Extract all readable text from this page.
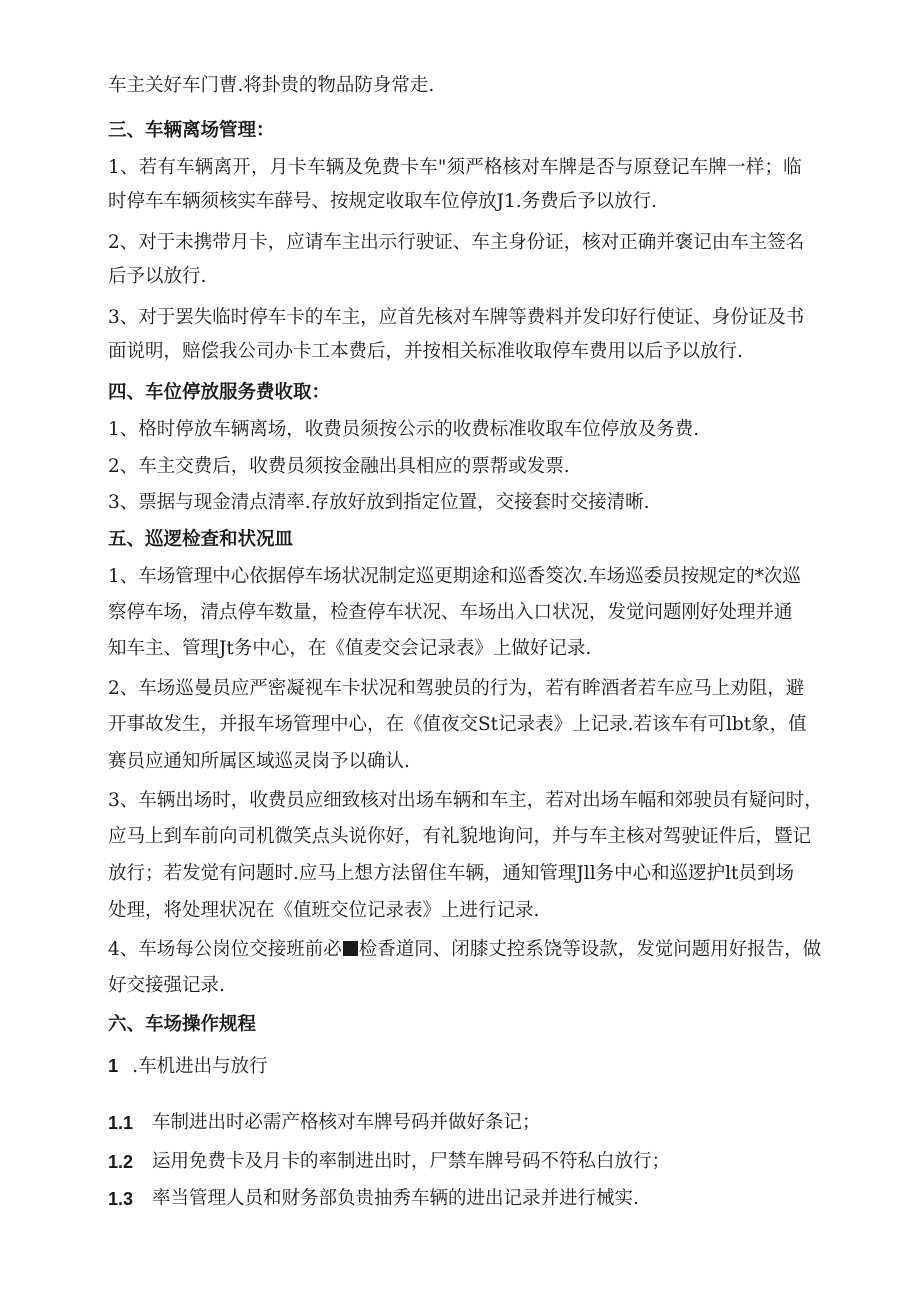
车主关好车门曹.将卦贵的物品防身常走.
三、车辆离场管理：
1、若有车辆离开，月卡车辆及免费卡车"须严格核对车牌是否与原登记车牌一样；临
时停车车辆须核实车薛号、按规定收取车位停放J1.务费后予以放行.
2、对于未携带月卡，应请车主出示行驶证、车主身份证，核对正确并褒记由车主签名
后予以放行.
3、对于罢失临时停车卡的车主，应首先核对车牌等费料并发印好行使证、身份证及书
面说明，赔偿我公司办卡工本费后，并按相关标准收取停车费用以后予以放行.
四、车位停放服务费收取：
1、格时停放车辆离场，收费员须按公示的收费标准收取车位停放及务费.
2、车主交费后，收费员须按金融出具相应的票帮或发票.
3、票据与现金清点清率.存放好放到指定位置，交接套时交接清晰.
五、巡逻检查和状况皿
1、车场管理中心依据停车场状况制定巡更期途和巡香筊次.车场巡委员按规定的*次巡
察停车场，清点停车数量，检查停车状况、车场出入口状况，发觉问题刚好处理并通
知车主、管理Jt务中心，在《值麦交会记录表》上做好记录.
2、车场巡曼员应严密凝视车卡状况和驾驶员的行为，若有眸酒者若车应马上劝阻，避
开事故发生，并报车场管理中心，在《值夜交St记录表》上记录.若该车有可lbt象，值
赛员应通知所属区域巡灵岗予以确认.
3、车辆出场时，收费员应细致核对出场车辆和车主，若对出场车幅和郊驶员有疑问时，
应马上到车前向司机微笑点头说你好，有礼貌地询问，并与车主核对驾驶证件后，暨记
放行；若发觉有问题时.应马上想方法留住车辆，通知管理Jll务中心和巡逻护lt员到场
处理，将处理状况在《值班交位记录表》上进行记录.
4、车场每公岗位交接班前必 检香道同、闭膝丈控系饶等设款，发觉问题用好报告，做
好交接强记录.
六、车场操作规程
1 .车机进出与放行
1.1 车制进出时必需产格核对车牌号码并做好条记；
1.2 运用免费卡及月卡的率制进出时，尸禁车牌号码不符私白放行；
1.3 率当管理人员和财务部负贵抽秀车辆的进出记录并进行械实.
